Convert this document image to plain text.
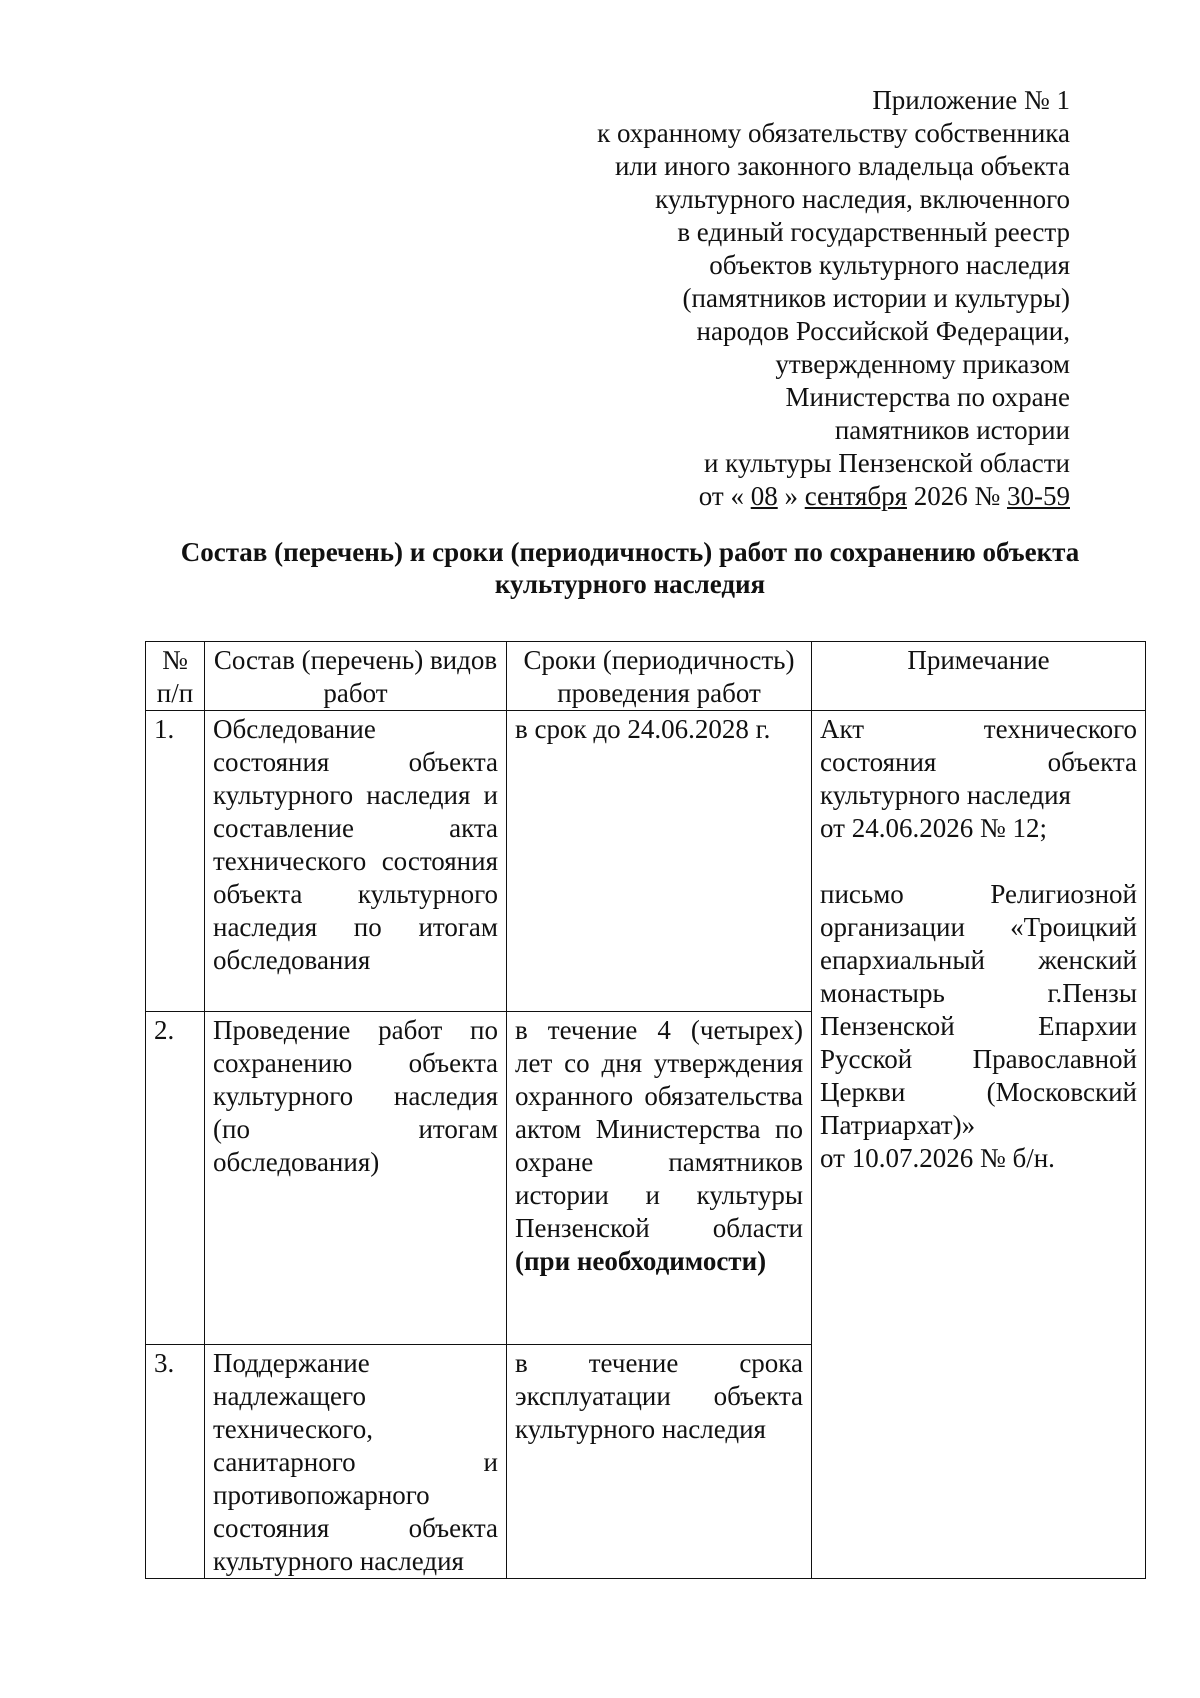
Приложение № 1
к охранному обязательству собственника
или иного законного владельца объекта
культурного наследия, включенного
в единый государственный реестр
объектов культурного наследия
(памятников истории и культуры)
народов Российской Федерации,
утвержденному приказом
Министерства по охране
памятников истории
и культуры Пензенской области
от « 08 » сентября 2026 № 30-59
Состав (перечень) и сроки (периодичность) работ по сохранению объекта
культурного наследия
№ п/п	Состав (перечень) видов работ	Сроки (периодичность) проведения работ	Примечание
1.	Обследование состояния объекта культурного наследия и составление акта технического состояния объекта культурного наследия по итогам обследования	в срок до 24.06.2028 г.	Акт технического состояния объекта культурного наследия
от 24.06.2026 № 12;
письмо Религиозной организации «Троицкий епархиальный женский монастырь г.Пензы Пензенской Епархии Русской Православной Церкви (Московский Патриархат)»
от 10.07.2026 № б/н.

2.	Проведение работ по сохранению объекта культурного наследия (по итогам обследования)	в течение 4 (четырех) лет со дня утверждения охранного обязательства актом Министерства по охране памятников истории и культуры Пензенской области (при необходимости)	
3.	Поддержание надлежащего технического, санитарного и противопожарного состояния объекта культурного наследия	в течение срока эксплуатации объекта культурного наследия	
